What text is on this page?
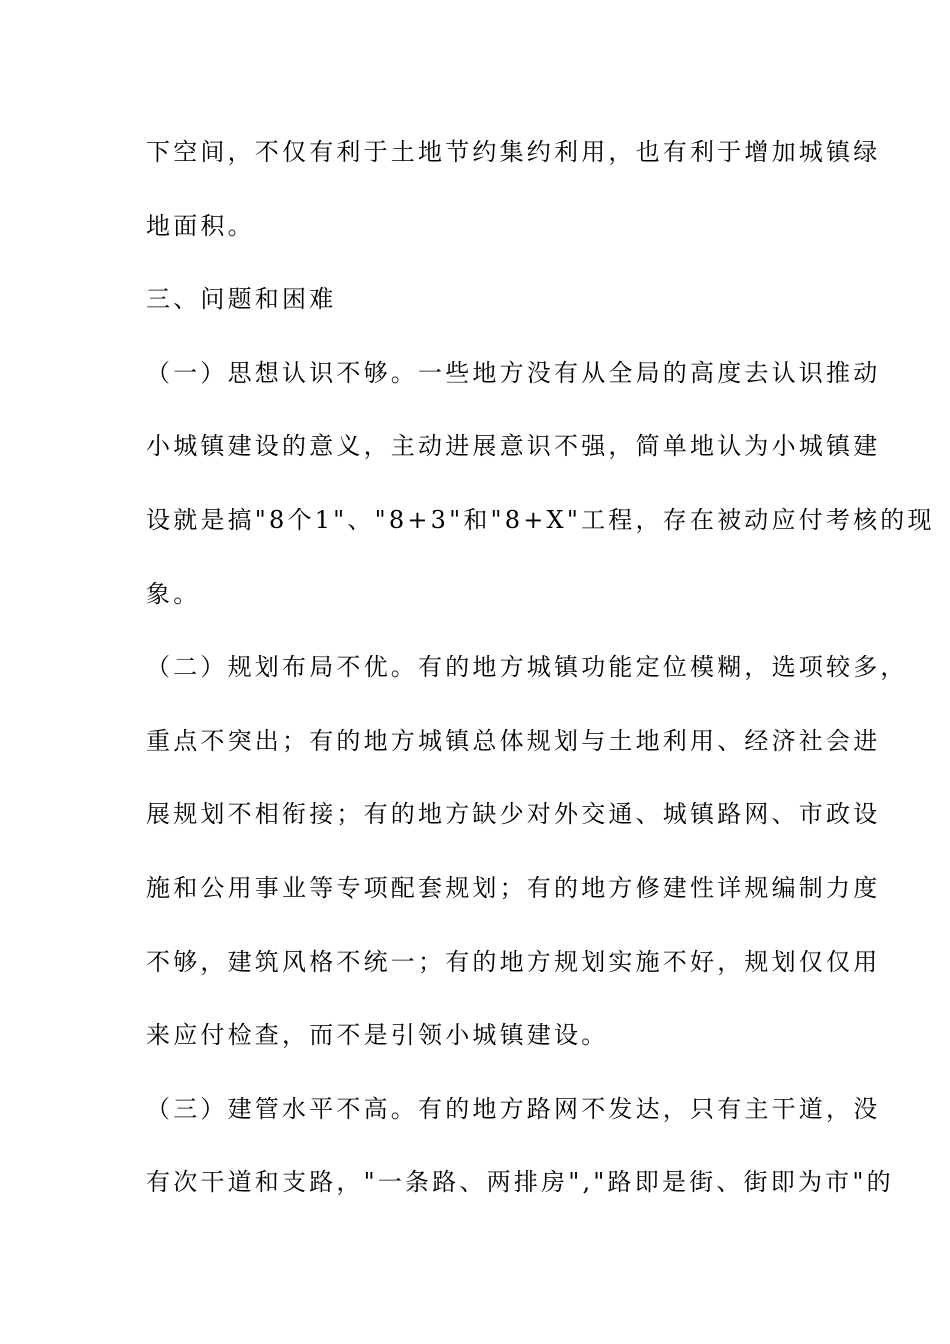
下空间，不仅有利于土地节约集约利用，也有利于增加城镇绿
地面积。
三、问题和困难
（一）思想认识不够。一些地方没有从全局的高度去认识推动
小城镇建设的意义，主动进展意识不强，简单地认为小城镇建
设就是搞"8个1"、"8+3"和"8+X"工程，存在被动应付考核的现
象。
（二）规划布局不优。有的地方城镇功能定位模糊，选项较多，
重点不突出；有的地方城镇总体规划与土地利用、经济社会进
展规划不相衔接；有的地方缺少对外交通、城镇路网、市政设
施和公用事业等专项配套规划；有的地方修建性详规编制力度
不够，建筑风格不统一；有的地方规划实施不好，规划仅仅用
来应付检查，而不是引领小城镇建设。
（三）建管水平不高。有的地方路网不发达，只有主干道，没
有次干道和支路，"一条路、两排房","路即是街、街即为市"的
